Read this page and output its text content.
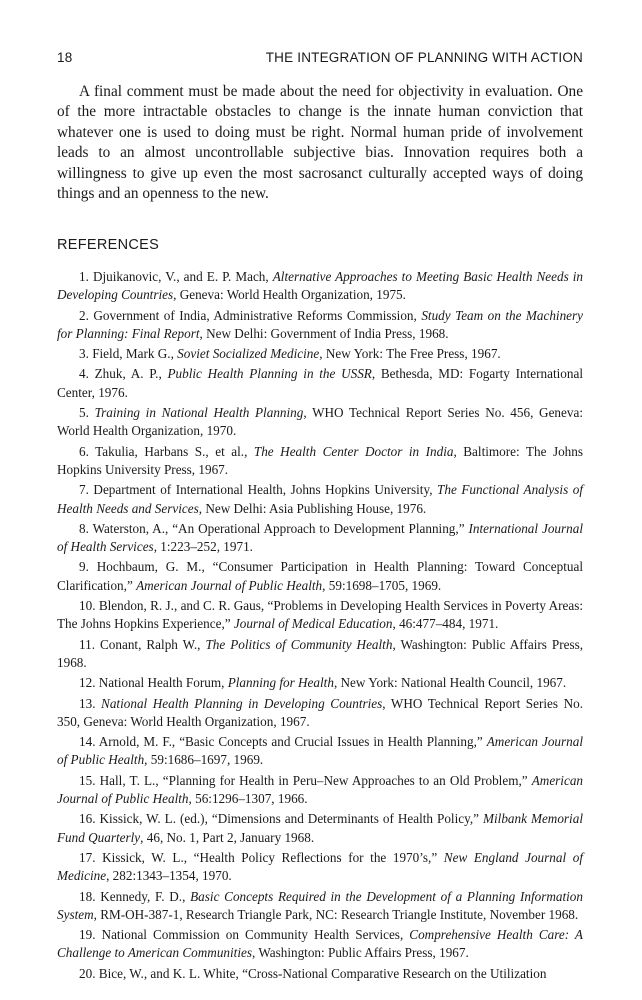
18	THE INTEGRATION OF PLANNING WITH ACTION

A final comment must be made about the need for objectivity in evaluation. One of the more intractable obstacles to change is the innate human conviction that whatever one is used to doing must be right. Normal human pride of involvement leads to an almost uncontrollable subjective bias. Innovation requires both a willingness to give up even the most sacrosanct culturally accepted ways of doing things and an openness to the new.

REFERENCES
1. Djuikanovic, V., and E. P. Mach, Alternative Approaches to Meeting Basic Health Needs in Developing Countries, Geneva: World Health Organization, 1975.
2. Government of India, Administrative Reforms Commission, Study Team on the Machinery for Planning: Final Report, New Delhi: Government of India Press, 1968.
3. Field, Mark G., Soviet Socialized Medicine, New York: The Free Press, 1967.
4. Zhuk, A. P., Public Health Planning in the USSR, Bethesda, MD: Fogarty International Center, 1976.
5. Training in National Health Planning, WHO Technical Report Series No. 456, Geneva: World Health Organization, 1970.
6. Takulia, Harbans S., et al., The Health Center Doctor in India, Baltimore: The Johns Hopkins University Press, 1967.
7. Department of International Health, Johns Hopkins University, The Functional Analysis of Health Needs and Services, New Delhi: Asia Publishing House, 1976.
8. Waterston, A., “An Operational Approach to Development Planning,” International Journal of Health Services, 1:223–252, 1971.
9. Hochbaum, G. M., “Consumer Participation in Health Planning: Toward Conceptual Clarification,” American Journal of Public Health, 59:1698–1705, 1969.
10. Blendon, R. J., and C. R. Gaus, “Problems in Developing Health Services in Poverty Areas: The Johns Hopkins Experience,” Journal of Medical Education, 46:477–484, 1971.
11. Conant, Ralph W., The Politics of Community Health, Washington: Public Affairs Press, 1968.
12. National Health Forum, Planning for Health, New York: National Health Council, 1967.
13. National Health Planning in Developing Countries, WHO Technical Report Series No. 350, Geneva: World Health Organization, 1967.
14. Arnold, M. F., “Basic Concepts and Crucial Issues in Health Planning,” American Journal of Public Health, 59:1686–1697, 1969.
15. Hall, T. L., “Planning for Health in Peru–New Approaches to an Old Problem,” American Journal of Public Health, 56:1296–1307, 1966.
16. Kissick, W. L. (ed.), “Dimensions and Determinants of Health Policy,” Milbank Memorial Fund Quarterly, 46, No. 1, Part 2, January 1968.
17. Kissick, W. L., “Health Policy Reflections for the 1970’s,” New England Journal of Medicine, 282:1343–1354, 1970.
18. Kennedy, F. D., Basic Concepts Required in the Development of a Planning Information System, RM-OH-387-1, Research Triangle Park, NC: Research Triangle Institute, November 1968.
19. National Commission on Community Health Services, Comprehensive Health Care: A Challenge to American Communities, Washington: Public Affairs Press, 1967.
20. Bice, W., and K. L. White, “Cross-National Comparative Research on the Utilization
